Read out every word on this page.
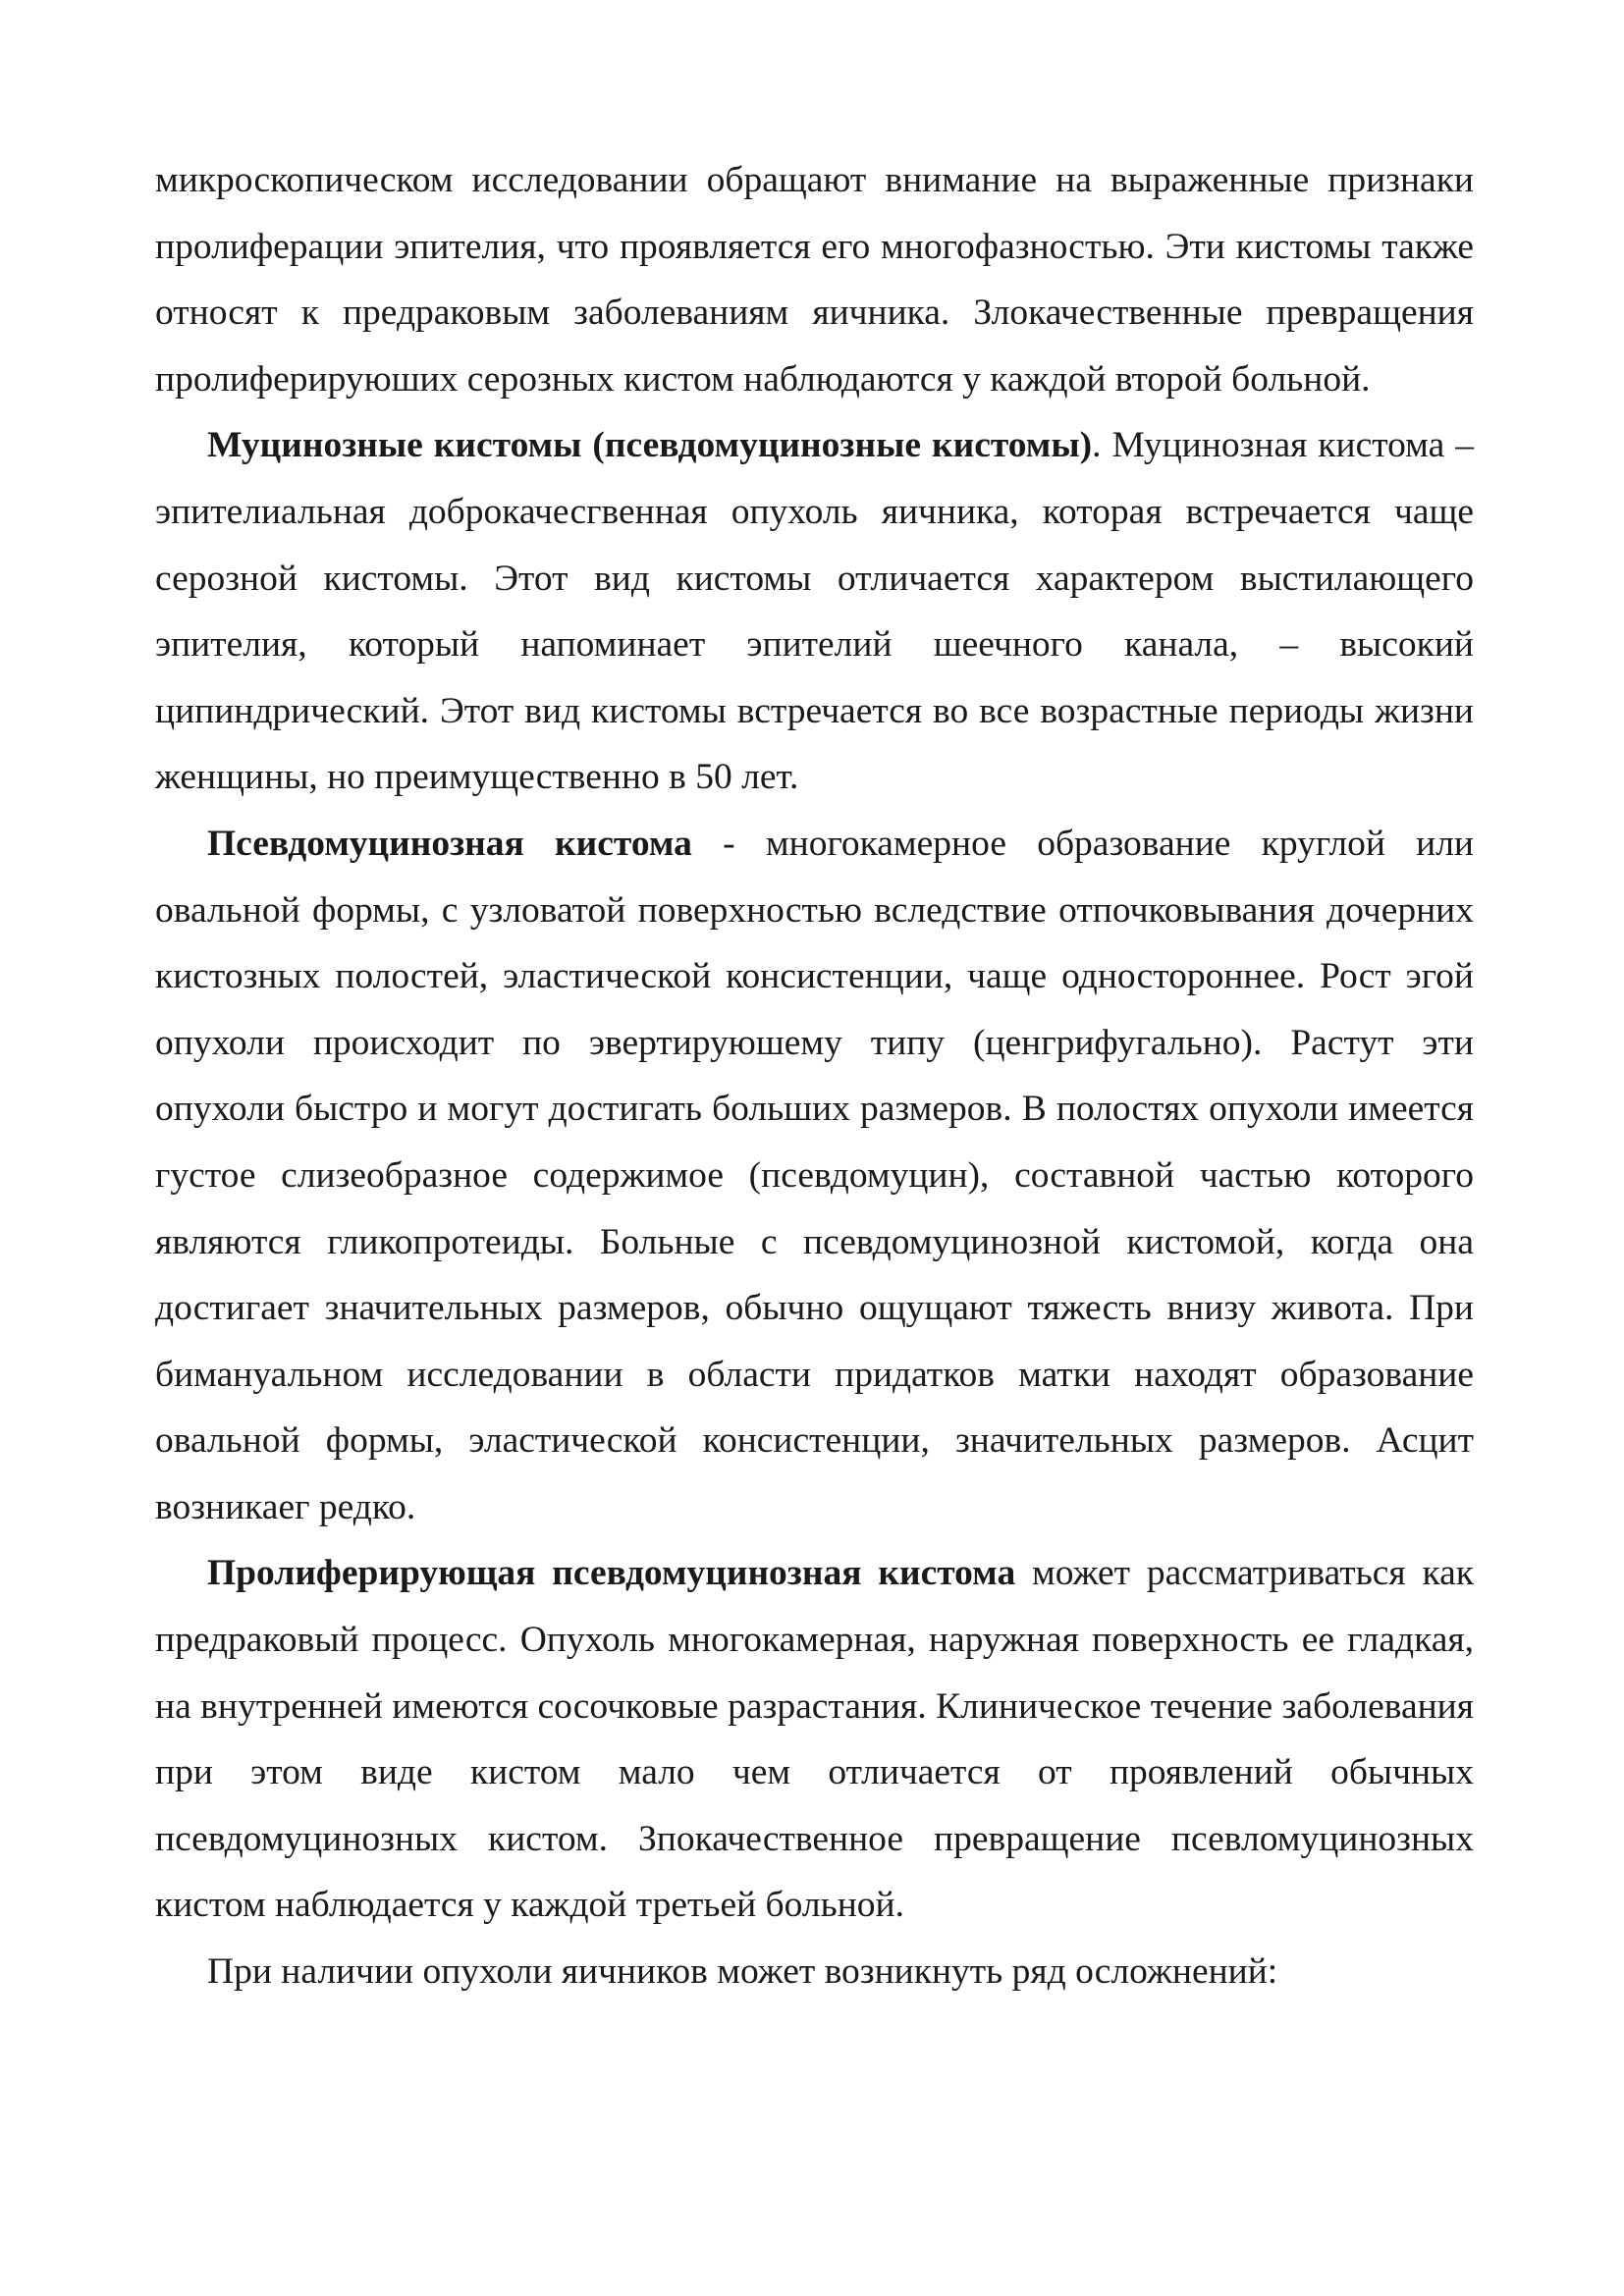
микроскопическом исследовании обращают внимание на выраженные признаки пролиферации эпителия, что проявляется его многофазностью. Эти кистомы также относят к предраковым заболеваниям яичника. Злокачественные превращения пролиферируюших серозных кистом наблюдаются у каждой второй больной.

Муцинозные кистомы (псевдомуцинозные кистомы). Муцинозная кистома – эпителиальная доброкачесгвенная опухоль яичника, которая встречается чаще серозной кистомы. Этот вид кистомы отличается характером выстилающего эпителия, который напоминает эпителий шеечного канала, – высокий ципиндрический. Этот вид кистомы встречается во все возрастные периоды жизни женщины, но преимущественно в 50 лет.

Псевдомуцинозная кистома - многокамерное образование круглой или овальной формы, с узловатой поверхностью вследствие отпочковывания дочерних кистозных полостей, эластической консистенции, чаще одностороннее. Рост эгой опухоли происходит по эвертируюшему типу (ценгрифугально). Растут эти опухоли быстро и могут достигать больших размеров. В полостях опухоли имеется густое слизеобразное содержимое (псевдомуцин), составной частью которого являются гликопротеиды. Больные с псевдомуцинозной кистомой, когда она достигает значительных размеров, обычно ощущают тяжесть внизу живота. При бимануальном исследовании в области придатков матки находят образование овальной формы, эластической консистенции, значительных размеров. Асцит возникаег редко.

Пролиферирующая псевдомуцинозная кистома может рассматриваться как предраковый процесс. Опухоль многокамерная, наружная поверхность ее гладкая, на внутренней имеются сосочковые разрастания. Клиническое течение заболевания при этом виде кистом мало чем отличается от проявлений обычных псевдомуцинозных кистом. Зпокачественное превращение псевломуцинозных кистом наблюдается у каждой третьей больной.

При наличии опухоли яичников может возникнуть ряд осложнений:
